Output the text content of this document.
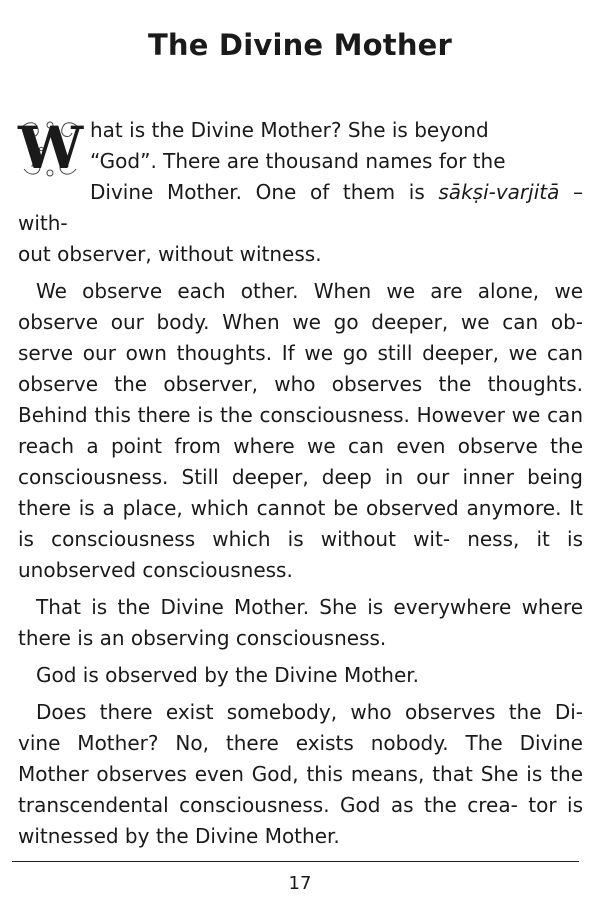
The Divine Mother

W hat is the Divine Mother? She is beyond
“God”. There are thousand names for the
Divine Mother. One of them is sākṣi-varjitā – with-
out observer, without witness.

We observe each other. When we are alone, we observe our body. When we go deeper, we can ob- serve our own thoughts. If we go still deeper, we can observe the observer, who observes the thoughts. Behind this there is the consciousness. However we can reach a point from where we can even observe the consciousness. Still deeper, deep in our inner being there is a place, which cannot be observed anymore. It is consciousness which is without wit- ness, it is unobserved consciousness.

That is the Divine Mother. She is everywhere where there is an observing consciousness.

God is observed by the Divine Mother.

Does there exist somebody, who observes the Di- vine Mother? No, there exists nobody. The Divine Mother observes even God, this means, that She is the transcendental consciousness. God as the crea- tor is witnessed by the Divine Mother.

17
